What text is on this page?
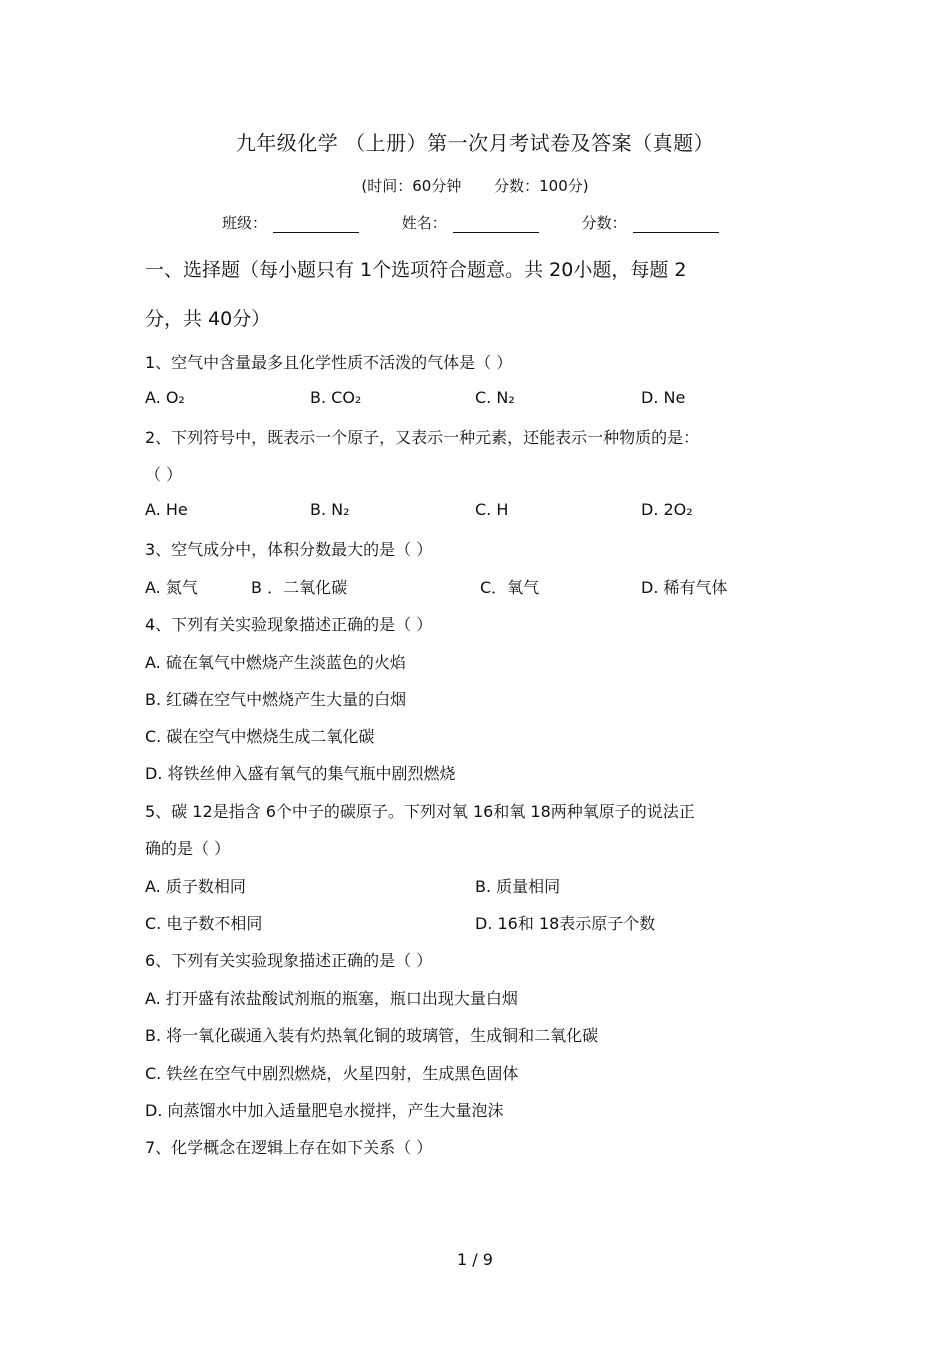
九年级化学 （上册）第一次月考试卷及答案（真题）
(时间：60分钟 分数：100分)
班级：	姓名：	分数：
一、选择题（每小题只有 1个选项符合题意。共 20小题，每题 2
分，共 40分）
1、空气中含量最多且化学性质不活泼的气体是（ ）
A. O₂	B. CO₂	C. N₂	D. Ne
2、下列符号中，既表示一个原子，又表示一种元素，还能表示一种物质的是：
（ ）
A. He	B. N₂	C. H	D. 2O₂
3、空气成分中，体积分数最大的是（ ）
A. 氮气	B ．二氧化碳	C．氧气	D. 稀有气体
4、下列有关实验现象描述正确的是（ ）
A. 硫在氧气中燃烧产生淡蓝色的火焰
B. 红磷在空气中燃烧产生大量的白烟
C. 碳在空气中燃烧生成二氧化碳
D. 将铁丝伸入盛有氧气的集气瓶中剧烈燃烧
5、碳 12是指含 6个中子的碳原子。下列对氧 16和氧 18两种氧原子的说法正
确的是（ ）
A. 质子数相同	B. 质量相同
C. 电子数不相同	D. 16和 18表示原子个数
6、下列有关实验现象描述正确的是（ ）
A. 打开盛有浓盐酸试剂瓶的瓶塞，瓶口出现大量白烟
B. 将一氧化碳通入装有灼热氧化铜的玻璃管，生成铜和二氧化碳
C. 铁丝在空气中剧烈燃烧，火星四射，生成黑色固体
D. 向蒸馏水中加入适量肥皂水搅拌，产生大量泡沫
7、化学概念在逻辑上存在如下关系（ ）
1 / 9
